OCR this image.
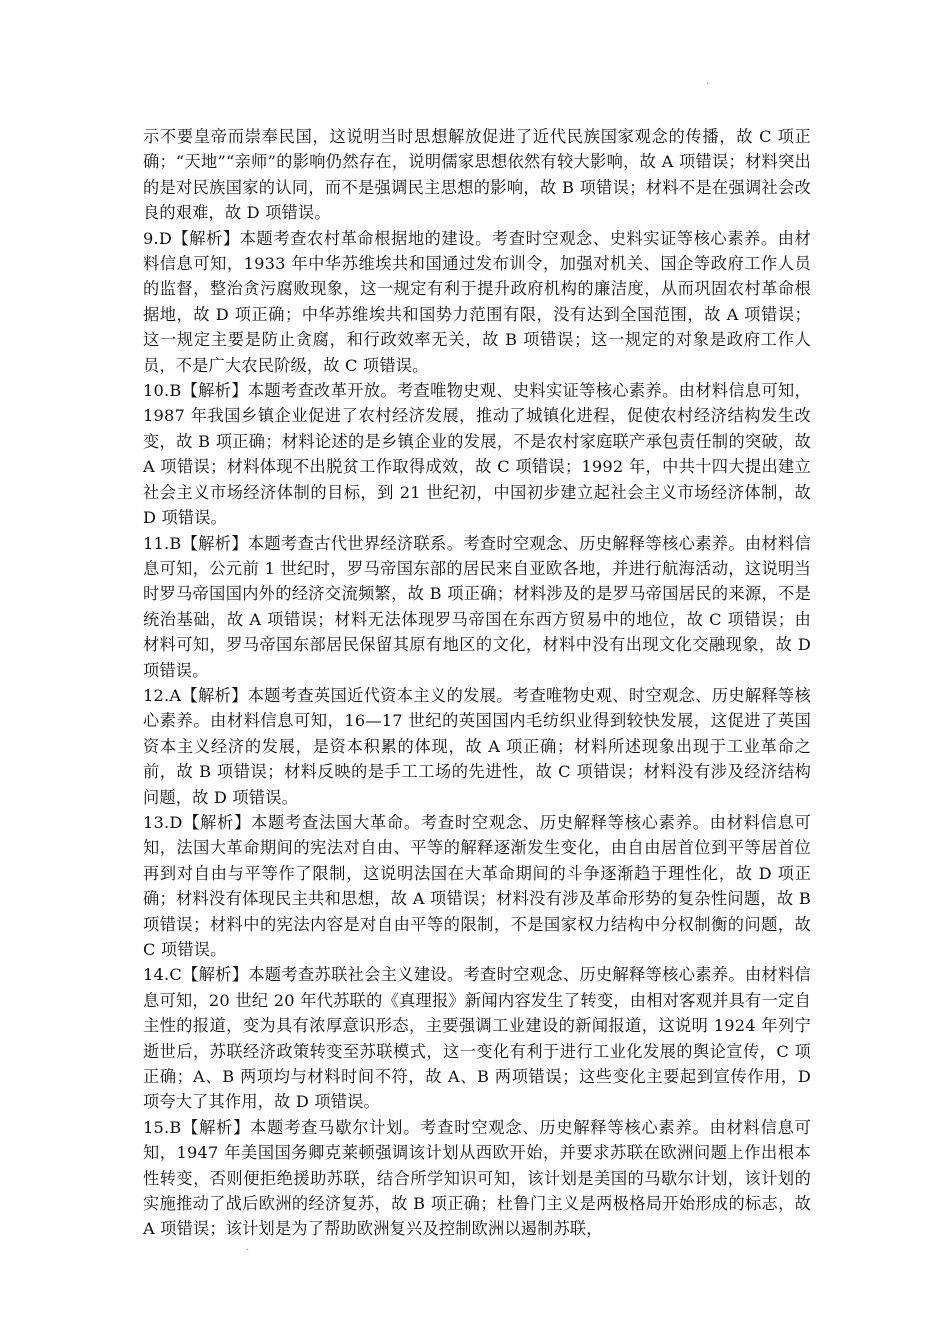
·

示不要皇帝而崇奉民国，这说明当时思想解放促进了近代民族国家观念的传播，故 C 项正确；“天地”“亲师”的影响仍然存在，说明儒家思想依然有较大影响，故 A 项错误；材料突出的是对民族国家的认同，而不是强调民主思想的影响，故 B 项错误；材料不是在强调社会改良的艰难，故 D 项错误。

9.D【解析】本题考查农村革命根据地的建设。考查时空观念、史料实证等核心素养。由材料信息可知，1933 年中华苏维埃共和国通过发布训令，加强对机关、国企等政府工作人员的监督，整治贪污腐败现象，这一规定有利于提升政府机构的廉洁度，从而巩固农村革命根据地，故 D 项正确；中华苏维埃共和国势力范围有限，没有达到全国范围，故 A 项错误；这一规定主要是防止贪腐，和行政效率无关，故 B 项错误；这一规定的对象是政府工作人员，不是广大农民阶级，故 C 项错误。

10.B【解析】本题考查改革开放。考查唯物史观、史料实证等核心素养。由材料信息可知，1987 年我国乡镇企业促进了农村经济发展，推动了城镇化进程，促使农村经济结构发生改变，故 B 项正确；材料论述的是乡镇企业的发展，不是农村家庭联产承包责任制的突破，故 A 项错误；材料体现不出脱贫工作取得成效，故 C 项错误；1992 年，中共十四大提出建立社会主义市场经济体制的目标，到 21 世纪初，中国初步建立起社会主义市场经济体制，故 D 项错误。

11.B【解析】本题考查古代世界经济联系。考查时空观念、历史解释等核心素养。由材料信息可知，公元前 1 世纪时，罗马帝国东部的居民来自亚欧各地，并进行航海活动，这说明当时罗马帝国国内外的经济交流频繁，故 B 项正确；材料涉及的是罗马帝国居民的来源，不是统治基础，故 A 项错误；材料无法体现罗马帝国在东西方贸易中的地位，故 C 项错误；由材料可知，罗马帝国东部居民保留其原有地区的文化，材料中没有出现文化交融现象，故 D 项错误。

12.A【解析】本题考查英国近代资本主义的发展。考查唯物史观、时空观念、历史解释等核心素养。由材料信息可知，16—17 世纪的英国国内毛纺织业得到较快发展，这促进了英国资本主义经济的发展，是资本积累的体现，故 A 项正确；材料所述现象出现于工业革命之前，故 B 项错误；材料反映的是手工工场的先进性，故 C 项错误；材料没有涉及经济结构问题，故 D 项错误。

13.D【解析】本题考查法国大革命。考查时空观念、历史解释等核心素养。由材料信息可知，法国大革命期间的宪法对自由、平等的解释逐渐发生变化，由自由居首位到平等居首位再到对自由与平等作了限制，这说明法国在大革命期间的斗争逐渐趋于理性化，故 D 项正确；材料没有体现民主共和思想，故 A 项错误；材料没有涉及革命形势的复杂性问题，故 B 项错误；材料中的宪法内容是对自由平等的限制，不是国家权力结构中分权制衡的问题，故 C 项错误。

14.C【解析】本题考查苏联社会主义建设。考查时空观念、历史解释等核心素养。由材料信息可知，20 世纪 20 年代苏联的《真理报》新闻内容发生了转变，由相对客观并具有一定自主性的报道，变为具有浓厚意识形态，主要强调工业建设的新闻报道，这说明 1924 年列宁逝世后，苏联经济政策转变至苏联模式，这一变化有利于进行工业化发展的舆论宣传，C 项正确；A、B 两项均与材料时间不符，故 A、B 两项错误；这些变化主要起到宣传作用，D 项夸大了其作用，故 D 项错误。

15.B【解析】本题考查马歇尔计划。考查时空观念、历史解释等核心素养。由材料信息可知，1947 年美国国务卿克莱顿强调该计划从西欧开始，并要求苏联在欧洲问题上作出根本性转变，否则便拒绝援助苏联，结合所学知识可知，该计划是美国的马歇尔计划，该计划的实施推动了战后欧洲的经济复苏，故 B 项正确；杜鲁门主义是两极格局开始形成的标志，故 A 项错误；该计划是为了帮助欧洲复兴及控制欧洲以遏制苏联，

·
